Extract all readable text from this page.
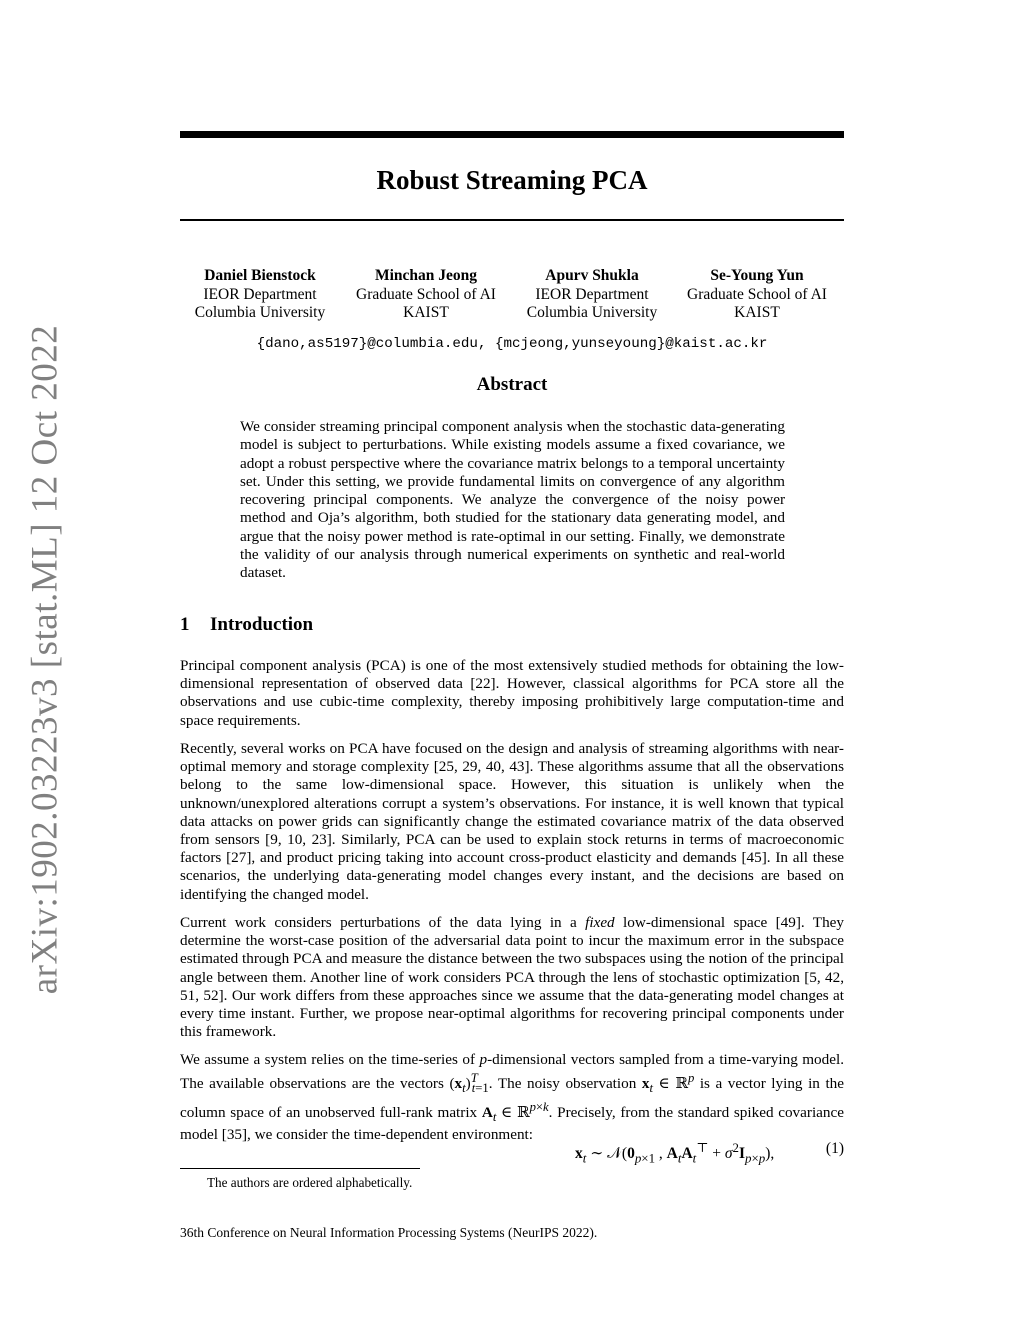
arXiv:1902.03223v3 [stat.ML] 12 Oct 2022
Robust Streaming PCA
Daniel Bienstock
IEOR Department
Columbia University
Minchan Jeong
Graduate School of AI
KAIST
Apurv Shukla
IEOR Department
Columbia University
Se-Young Yun
Graduate School of AI
KAIST
{dano,as5197}@columbia.edu, {mcjeong,yunseyoung}@kaist.ac.kr
Abstract
We consider streaming principal component analysis when the stochastic data-generating model is subject to perturbations. While existing models assume a fixed covariance, we adopt a robust perspective where the covariance matrix belongs to a temporal uncertainty set. Under this setting, we provide fundamental limits on convergence of any algorithm recovering principal components. We analyze the convergence of the noisy power method and Oja’s algorithm, both studied for the stationary data generating model, and argue that the noisy power method is rate-optimal in our setting. Finally, we demonstrate the validity of our analysis through numerical experiments on synthetic and real-world dataset.
1 Introduction

Principal component analysis (PCA) is one of the most extensively studied methods for obtaining the low-dimensional representation of observed data [22]. However, classical algorithms for PCA store all the observations and use cubic-time complexity, thereby imposing prohibitively large computation-time and space requirements.

Recently, several works on PCA have focused on the design and analysis of streaming algorithms with near-optimal memory and storage complexity [25, 29, 40, 43]. These algorithms assume that all the observations belong to the same low-dimensional space. However, this situation is unlikely when the unknown/unexplored alterations corrupt a system’s observations. For instance, it is well known that typical data attacks on power grids can significantly change the estimated covariance matrix of the data observed from sensors [9, 10, 23]. Similarly, PCA can be used to explain stock returns in terms of macroeconomic factors [27], and product pricing taking into account cross-product elasticity and demands [45]. In all these scenarios, the underlying data-generating model changes every instant, and the decisions are based on identifying the changed model.

Current work considers perturbations of the data lying in a fixed low-dimensional space [49]. They determine the worst-case position of the adversarial data point to incur the maximum error in the subspace estimated through PCA and measure the distance between the two subspaces using the notion of the principal angle between them. Another line of work considers PCA through the lens of stochastic optimization [5, 42, 51, 52]. Our work differs from these approaches since we assume that the data-generating model changes at every time instant. Further, we propose near-optimal algorithms for recovering principal components under this framework.

We assume a system relies on the time-series of p-dimensional vectors sampled from a time-varying model. The available observations are the vectors $(x_t)^T_{t=1}$. The noisy observation $x_t$ ∈ ℝ$^p$ is a vector lying in the column space of an unobserved full-rank matrix $A_t$ ∈ ℝ$^{p\times k}$. Precisely, from the standard spiked covariance model [35], we consider the time-dependent environment:

$x_t$ ∼ $𝒩(0_{p\times 1}$ , $A_tA_t^⊤ + \sigma^2I_{p\times p}$),	(1)
The authors are ordered alphabetically.
36th Conference on Neural Information Processing Systems (NeurIPS 2022).
